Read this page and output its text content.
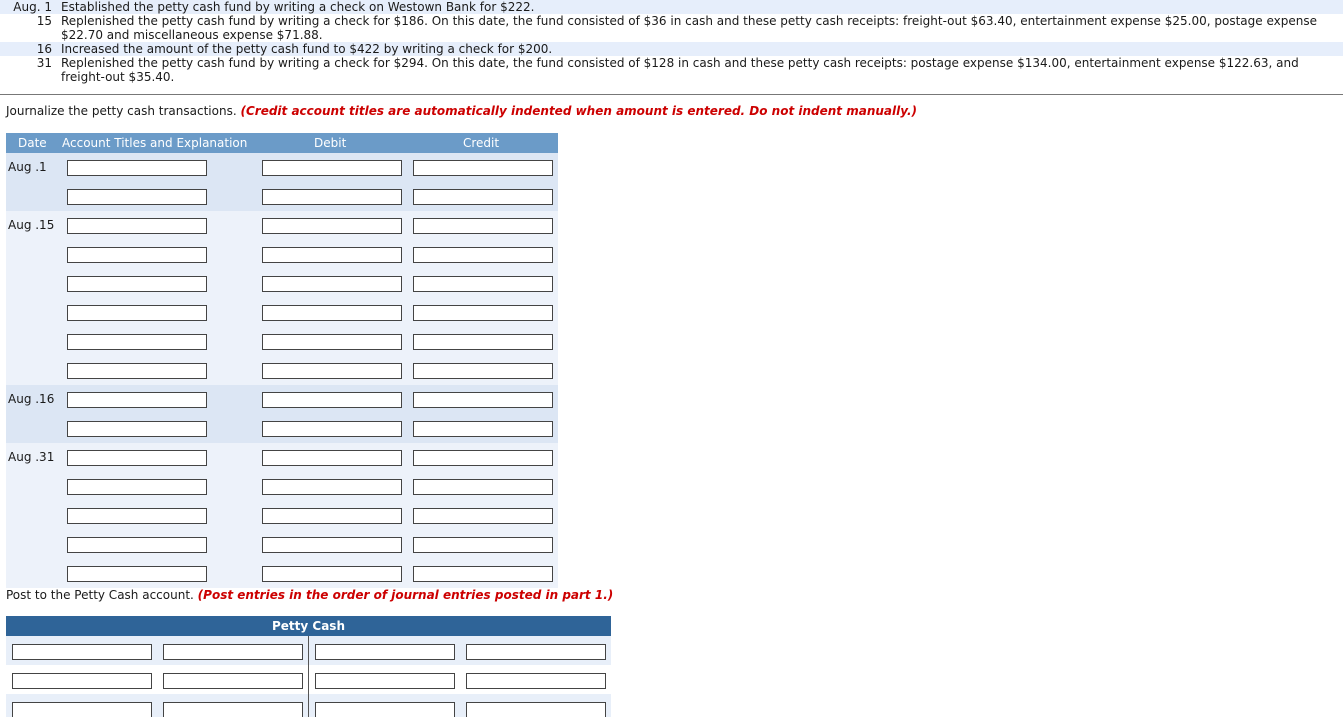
Aug. 1 Established the petty cash fund by writing a check on Westown Bank for $222.
15 Replenished the petty cash fund by writing a check for $186. On this date, the fund consisted of $36 in cash and these petty cash receipts: freight-out $63.40, entertainment expense $25.00, postage expense $22.70 and miscellaneous expense $71.88.
16 Increased the amount of the petty cash fund to $422 by writing a check for $200.
31 Replenished the petty cash fund by writing a check for $294. On this date, the fund consisted of $128 in cash and these petty cash receipts: postage expense $134.00, entertainment expense $122.63, and freight-out $35.40.
Journalize the petty cash transactions. (Credit account titles are automatically indented when amount is entered. Do not indent manually.)
Date Account Titles and Explanation	Debit	Credit
Aug .1
Aug .15
Aug .16
Aug .31
Post to the Petty Cash account. (Post entries in the order of journal entries posted in part 1.)
Petty Cash
